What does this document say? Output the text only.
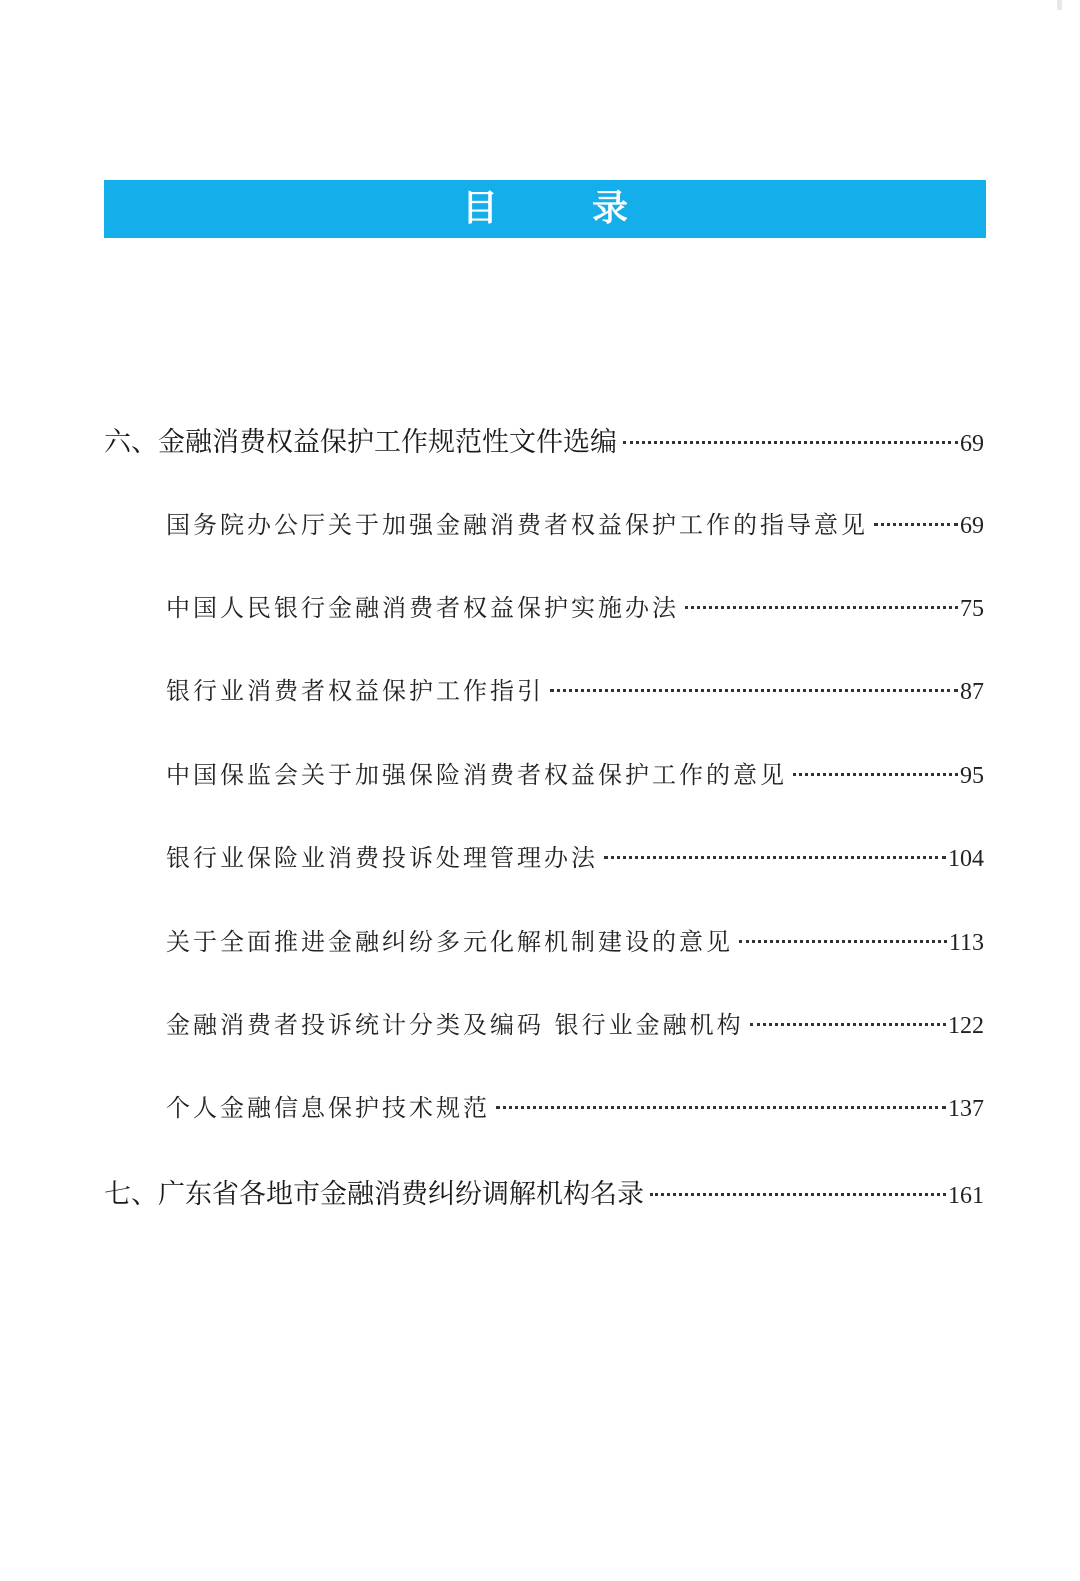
目	录
六、金融消费权益保护工作规范性文件选编	69
国务院办公厅关于加强金融消费者权益保护工作的指导意见	69
中国人民银行金融消费者权益保护实施办法	75
银行业消费者权益保护工作指引	87
中国保监会关于加强保险消费者权益保护工作的意见	95
银行业保险业消费投诉处理管理办法	104
关于全面推进金融纠纷多元化解机制建设的意见	113
金融消费者投诉统计分类及编码 银行业金融机构	122
个人金融信息保护技术规范	137
七、广东省各地市金融消费纠纷调解机构名录	161
